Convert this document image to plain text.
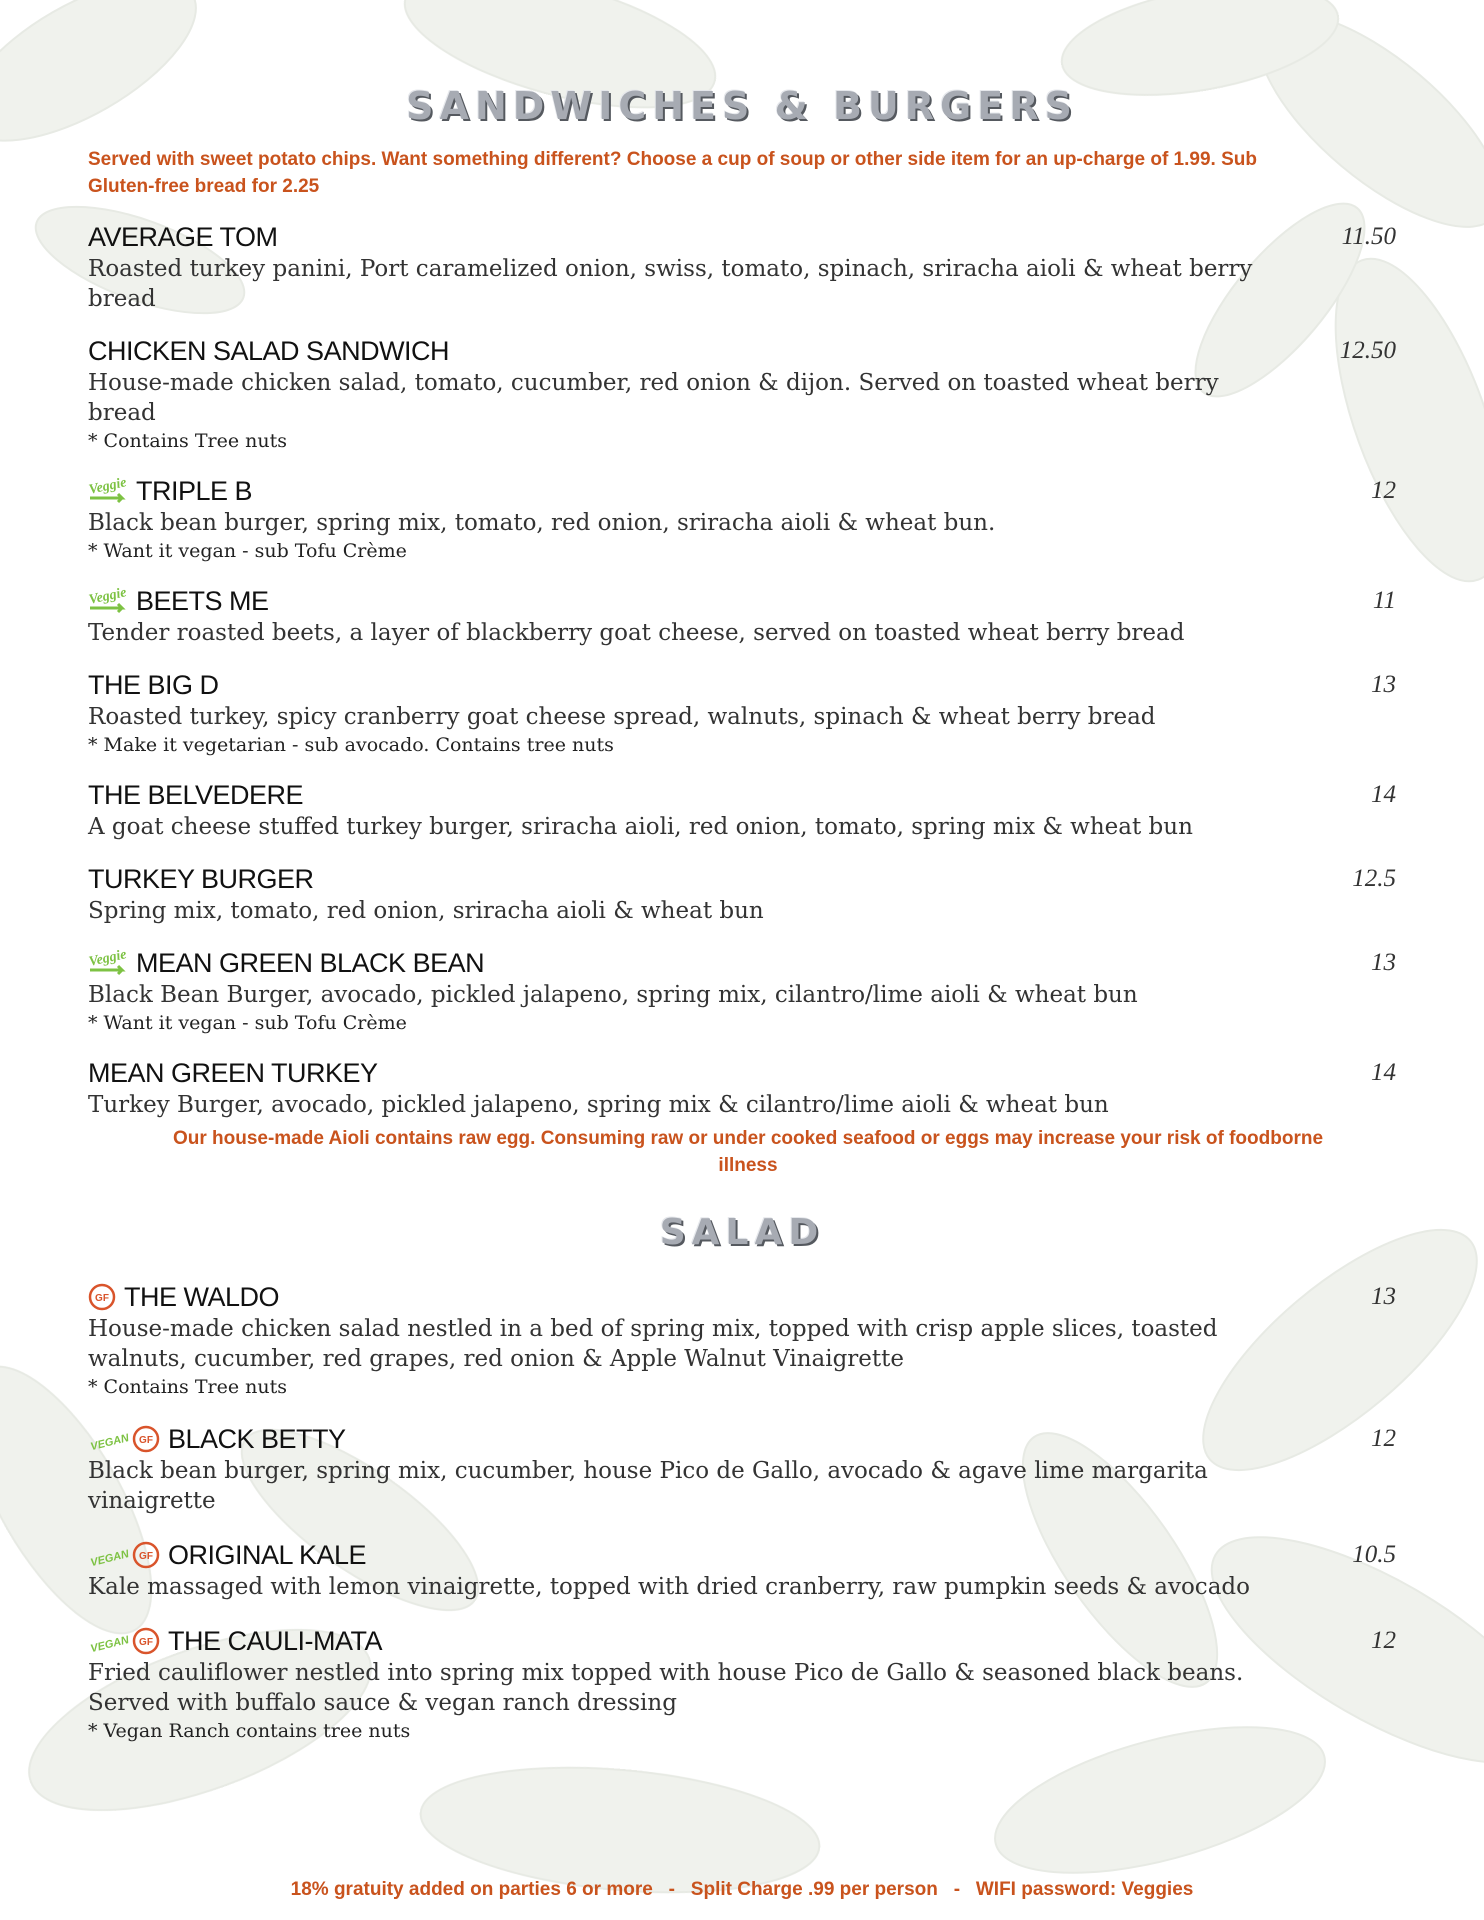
SANDWICHES & BURGERS
Served with sweet potato chips. Want something different? Choose a cup of soup or other side item for an up-charge of 1.99. Sub Gluten-free bread for 2.25
AVERAGE TOM	11.50
Roasted turkey panini, Port caramelized onion, swiss, tomato, spinach, sriracha aioli & wheat berry bread
CHICKEN SALAD SANDWICH	12.50
House-made chicken salad, tomato, cucumber, red onion & dijon. Served on toasted wheat berry bread
* Contains Tree nuts
Veggie TRIPLE B	12
Black bean burger, spring mix, tomato, red onion, sriracha aioli & wheat bun.
* Want it vegan - sub Tofu Crème
Veggie BEETS ME	11
Tender roasted beets, a layer of blackberry goat cheese, served on toasted wheat berry bread
THE BIG D	13
Roasted turkey, spicy cranberry goat cheese spread, walnuts, spinach & wheat berry bread
* Make it vegetarian - sub avocado. Contains tree nuts
THE BELVEDERE	14
A goat cheese stuffed turkey burger, sriracha aioli, red onion, tomato, spring mix & wheat bun
TURKEY BURGER	12.5
Spring mix, tomato, red onion, sriracha aioli & wheat bun
Veggie MEAN GREEN BLACK BEAN	13
Black Bean Burger, avocado, pickled jalapeno, spring mix, cilantro/lime aioli & wheat bun
* Want it vegan - sub Tofu Crème
MEAN GREEN TURKEY	14
Turkey Burger, avocado, pickled jalapeno, spring mix & cilantro/lime aioli & wheat bun
Our house-made Aioli contains raw egg. Consuming raw or under cooked seafood or eggs may increase your risk of foodborne illness
SALAD
GF THE WALDO	13
House-made chicken salad nestled in a bed of spring mix, topped with crisp apple slices, toasted walnuts, cucumber, red grapes, red onion & Apple Walnut Vinaigrette
* Contains Tree nuts
VEGAN GF BLACK BETTY	12
Black bean burger, spring mix, cucumber, house Pico de Gallo, avocado & agave lime margarita vinaigrette
VEGAN GF ORIGINAL KALE	10.5
Kale massaged with lemon vinaigrette, topped with dried cranberry, raw pumpkin seeds & avocado
VEGAN GF THE CAULI-MATA	12
Fried cauliflower nestled into spring mix topped with house Pico de Gallo & seasoned black beans. Served with buffalo sauce & vegan ranch dressing
* Vegan Ranch contains tree nuts
18% gratuity added on parties 6 or more   -   Split Charge .99 per person   -   WIFI password: Veggies
